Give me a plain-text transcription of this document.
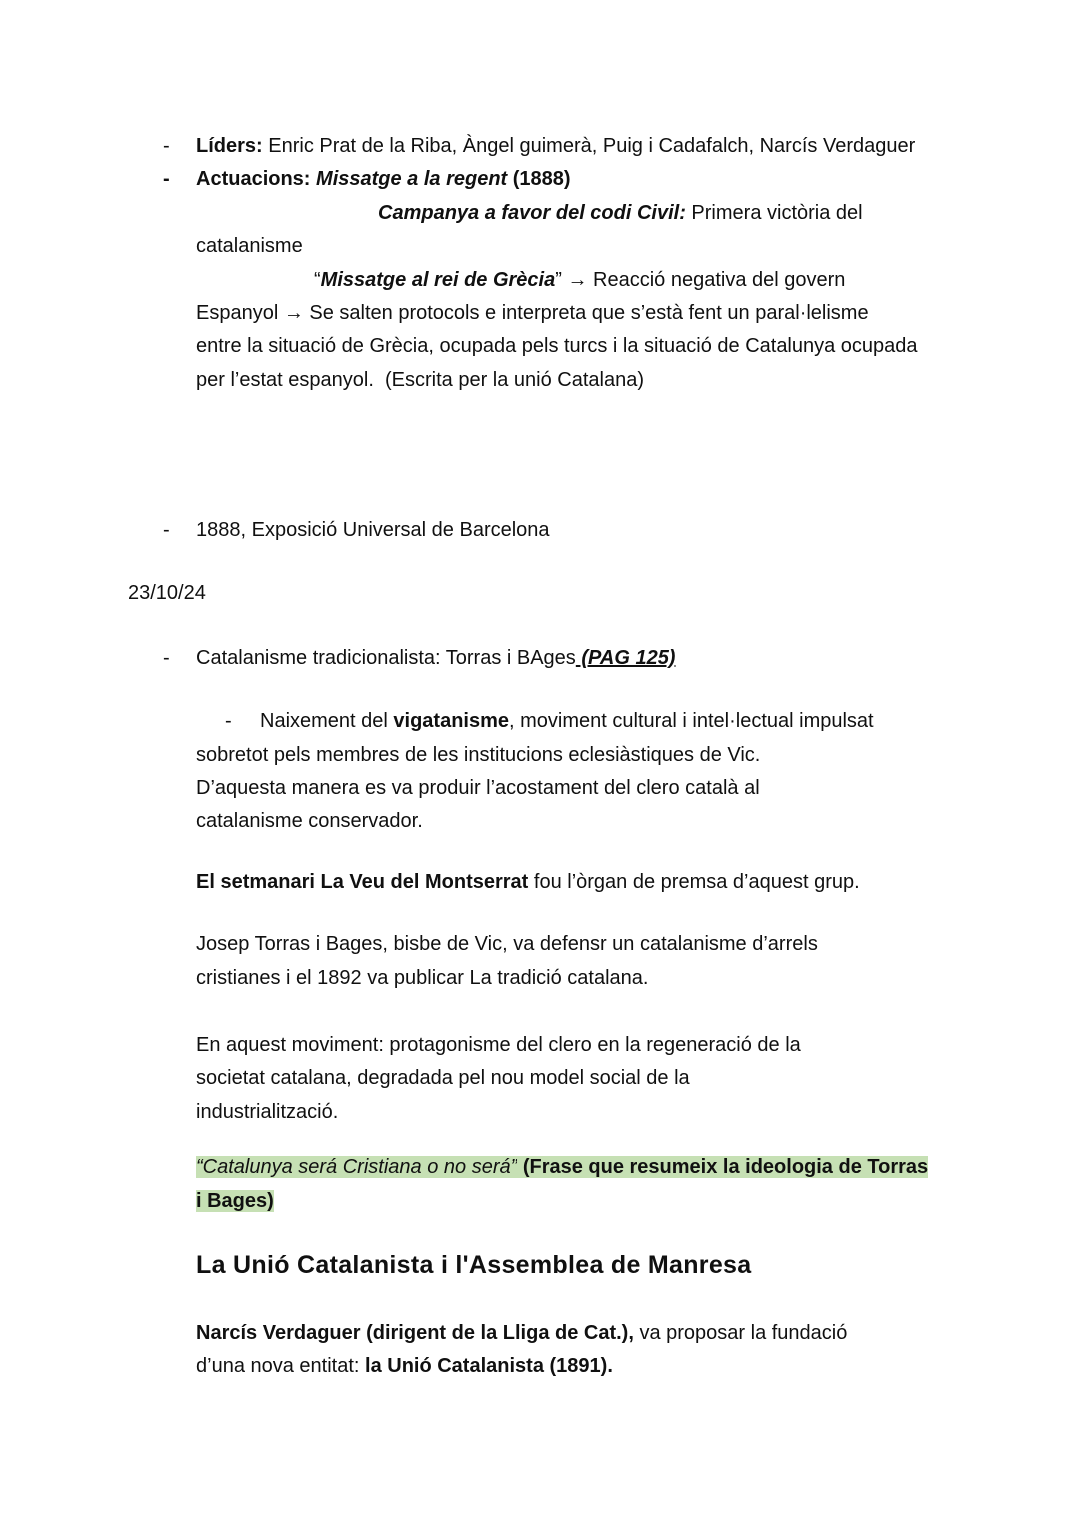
- Líders: Enric Prat de la Riba, Àngel guimerà, Puig i Cadafalch, Narcís Verdaguer
- Actuacions: Missatge a la regent (1888)
Campanya a favor del codi Civil: Primera victòria del
catalanisme
“Missatge al rei de Grècia” → Reacció negativa del govern
Espanyol → Se salten protocols e interpreta que s’està fent un paral·lelisme
entre la situació de Grècia, ocupada pels turcs i la situació de Catalunya ocupada
per l’estat espanyol.  (Escrita per la unió Catalana)
- 1888, Exposició Universal de Barcelona
23/10/24
- Catalanisme tradicionalista: Torras i BAges (PAG 125)
- Naixement del vigatanisme, moviment cultural i intel·lectual impulsat
sobretot pels membres de les institucions eclesiàstiques de Vic.
D’aquesta manera es va produir l’acostament del clero català al
catalanisme conservador.
El setmanari La Veu del Montserrat fou l’òrgan de premsa d’aquest grup.
Josep Torras i Bages, bisbe de Vic, va defensr un catalanisme d’arrels
cristianes i el 1892 va publicar La tradició catalana.
En aquest moviment: protagonisme del clero en la regeneració de la
societat catalana, degradada pel nou model social de la
industrialització.
“Catalunya será Cristiana o no será” (Frase que resumeix la ideologia de Torras
i Bages)
La Unió Catalanista i l'Assemblea de Manresa
Narcís Verdaguer (dirigent de la Lliga de Cat.), va proposar la fundació
d’una nova entitat: la Unió Catalanista (1891).
